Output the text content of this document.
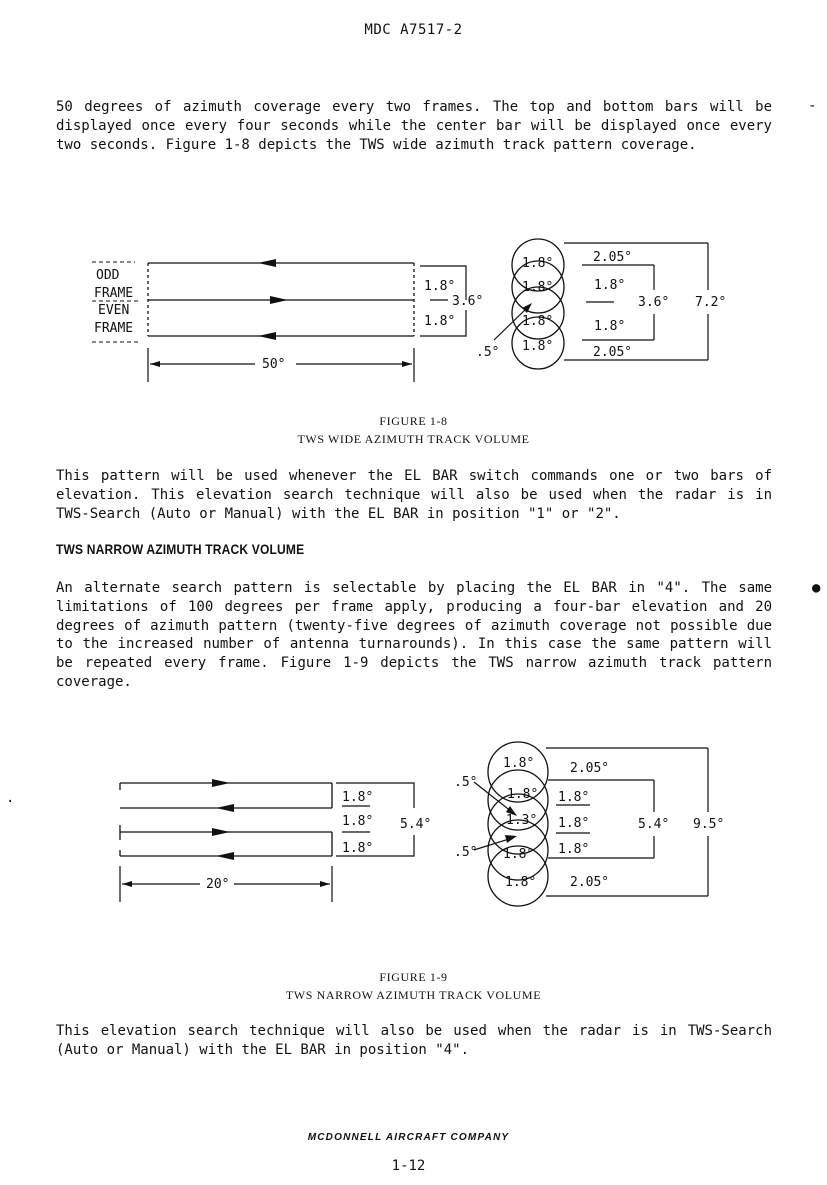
MDC A7517-2

50 degrees of azimuth coverage every two frames. The top and bottom bars will be displayed once every four seconds while the center bar will be displayed once every two seconds. Figure 1-8 depicts the TWS wide azimuth track pattern coverage.

ODD
FRAME
EVEN
FRAME
50°
1.8°
1.8°
3.6°
1.8°
1.8°
1.8°
1.8°
.5°
2.05°
1.8°
1.8°
2.05°
3.6° 7.2°
FIGURE 1-8
TWS WIDE AZIMUTH TRACK VOLUME

This pattern will be used whenever the EL BAR switch commands one or two bars of elevation. This elevation search technique will also be used when the radar is in TWS-Search (Auto or Manual) with the EL BAR in position "1" or "2".

TWS NARROW AZIMUTH TRACK VOLUME

An alternate search pattern is selectable by placing the EL BAR in "4". The same limitations of 100 degrees per frame apply, producing a four-bar elevation and 20 degrees of azimuth pattern (twenty-five degrees of azimuth coverage not possible due to the increased number of antenna turnarounds). In this case the same pattern will be repeated every frame. Figure 1-9 depicts the TWS narrow azimuth track pattern coverage.

20°
1.8°
1.8°
1.8°
5.4°
1.8°
1.8°
1.3°
1.8°
1.8°
.5°
.5°
2.05°
1.8°
1.8°
1.8°
2.05°
5.4° 9.5°
FIGURE 1-9
TWS NARROW AZIMUTH TRACK VOLUME

This elevation search technique will also be used when the radar is in TWS-Search (Auto or Manual) with the EL BAR in position "4".

MCDONNELL AIRCRAFT COMPANY
1-12
-
●
.
